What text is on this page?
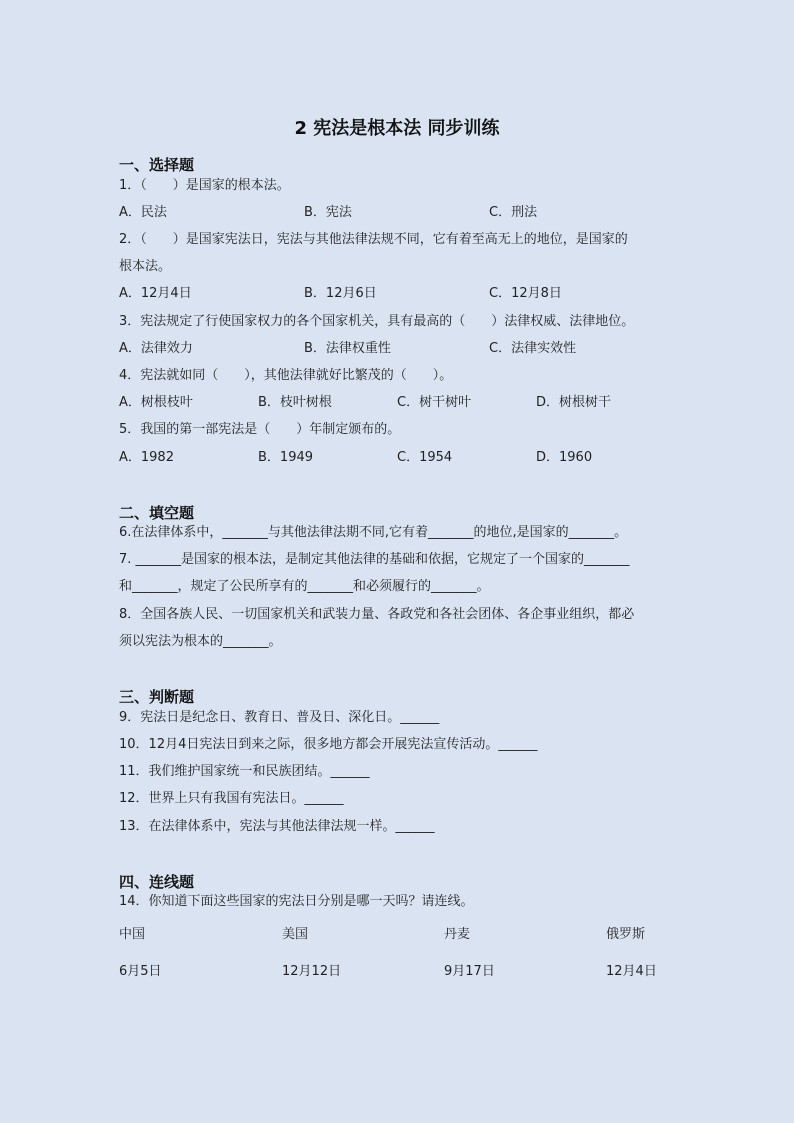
2 宪法是根本法 同步训练
一、选择题
1．（　　）是国家的根本法。
A．民法	B．宪法	C．刑法
2．（　　）是国家宪法日，宪法与其他法律法规不同，它有着至高无上的地位，是国家的
根本法。
A．12月4日	B．12月6日	C．12月8日
3．宪法规定了行使国家权力的各个国家机关，具有最高的（　　）法律权威、法律地位。
A．法律效力	B．法律权重性	C．法律实效性
4．宪法就如同（　　），其他法律就好比繁茂的（　　）。
A．树根枝叶	B．枝叶树根	C．树干树叶	D．树根树干
5．我国的第一部宪法是（　　）年制定颁布的。
A．1982	B．1949	C．1954	D．1960
二、填空题
6.在法律体系中，_______与其他法律法期不同,它有着_______的地位,是国家的_______。
7. _______是国家的根本法，是制定其他法律的基础和依据，它规定了一个国家的_______
和_______，规定了公民所享有的_______和必须履行的_______。
8．全国各族人民、一切国家机关和武装力量、各政党和各社会团体、各企事业组织，都必
须以宪法为根本的_______。
三、判断题
9．宪法日是纪念日、教育日、普及日、深化日。______
10．12月4日宪法日到来之际，很多地方都会开展宪法宣传活动。______
11．我们维护国家统一和民族团结。______
12．世界上只有我国有宪法日。______
13．在法律体系中，宪法与其他法律法规一样。______
四、连线题
14．你知道下面这些国家的宪法日分别是哪一天吗？请连线。
中国	美国	丹麦	俄罗斯
6月5日	12月12日	9月17日	12月4日
